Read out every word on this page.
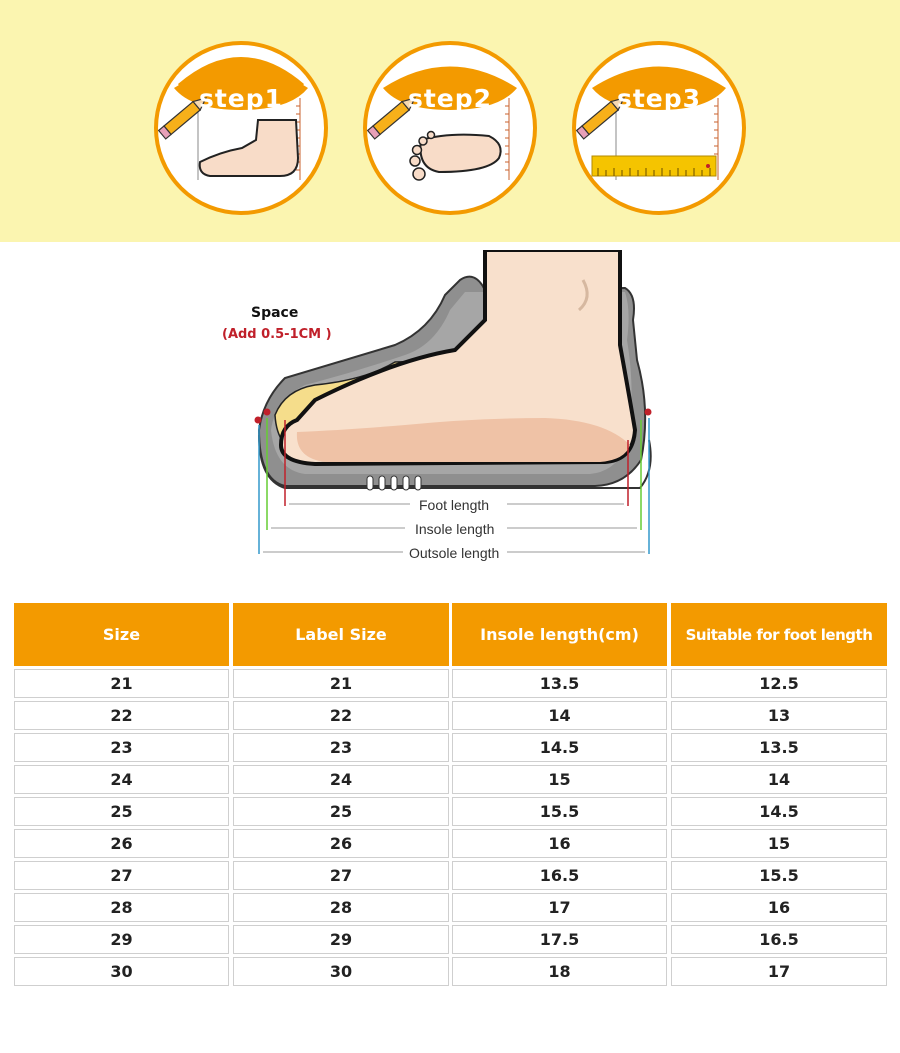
step1	step2	step3
Space
(Add 0.5-1CM )
Foot length
Insole length
Outsole length
Size	Label Size	Insole length(cm)	Suitable for foot length
21	21	13.5	12.5
22	22	14	13
23	23	14.5	13.5
24	24	15	14
25	25	15.5	14.5
26	26	16	15
27	27	16.5	15.5
28	28	17	16
29	29	17.5	16.5
30	30	18	17
